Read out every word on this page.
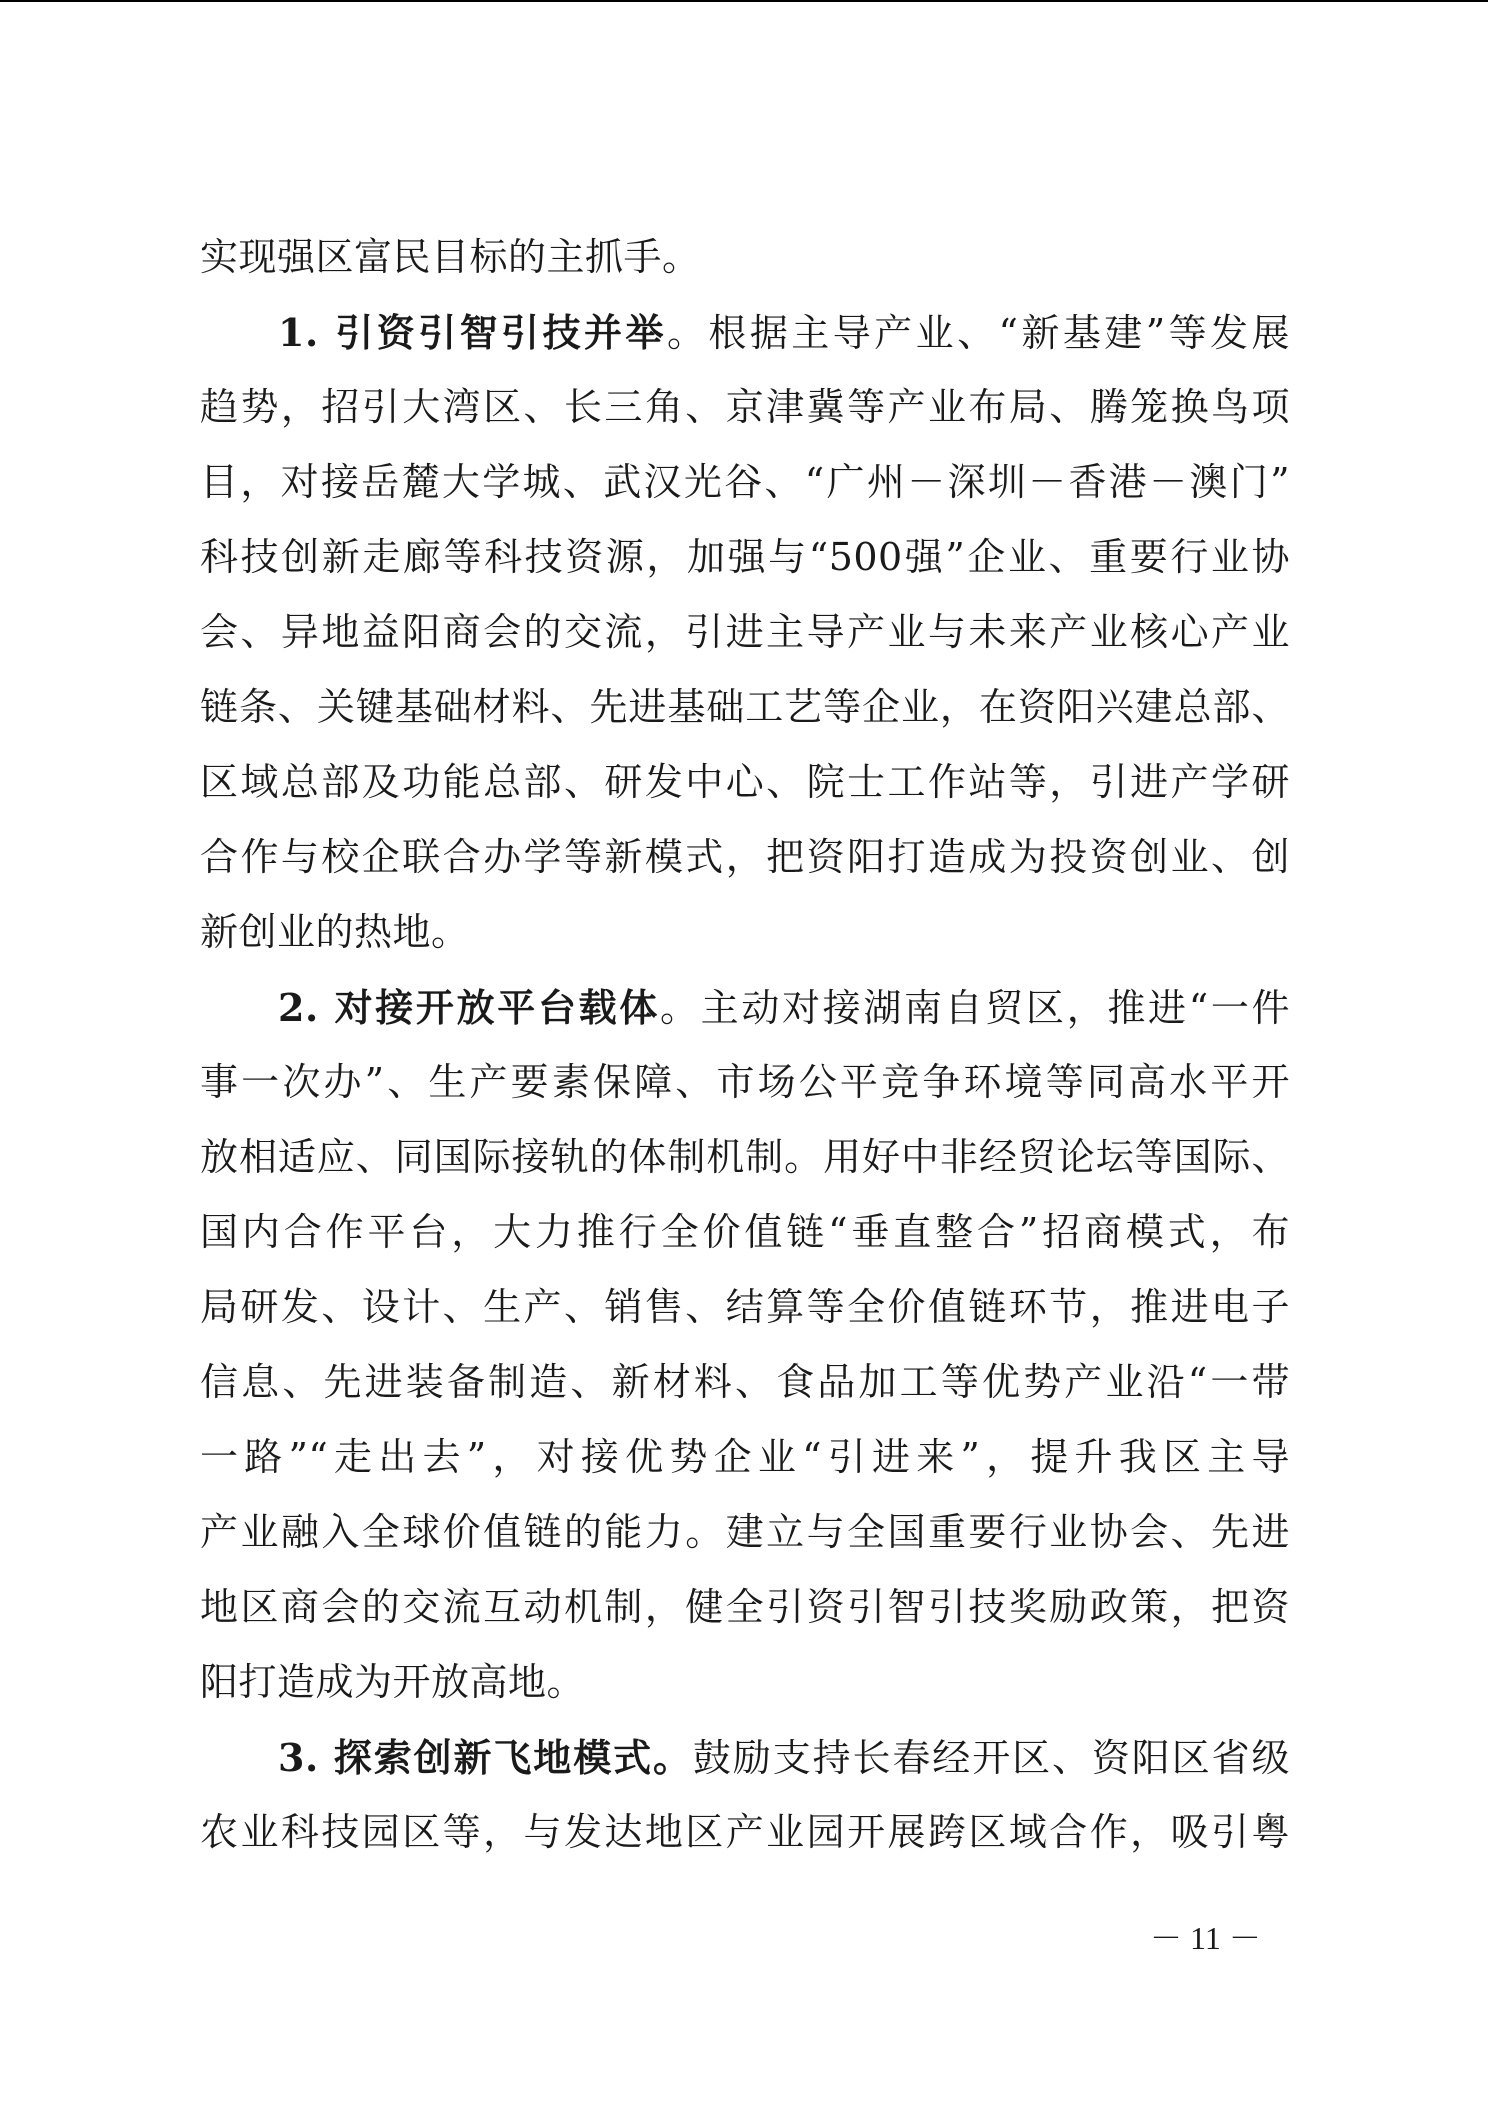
实现强区富民目标的主抓手。
1. 引资引智引技并举。根据主导产业、“新基建”等发展
趋势，招引大湾区、长三角、京津冀等产业布局、腾笼换鸟项
目，对接岳麓大学城、武汉光谷、“广州－深圳－香港－澳门”
科技创新走廊等科技资源，加强与“500强”企业、重要行业协
会、异地益阳商会的交流，引进主导产业与未来产业核心产业
链条、关键基础材料、先进基础工艺等企业，在资阳兴建总部、
区域总部及功能总部、研发中心、院士工作站等，引进产学研
合作与校企联合办学等新模式，把资阳打造成为投资创业、创
新创业的热地。
2. 对接开放平台载体。主动对接湖南自贸区，推进“一件
事一次办”、生产要素保障、市场公平竞争环境等同高水平开
放相适应、同国际接轨的体制机制。用好中非经贸论坛等国际、
国内合作平台，大力推行全价值链“垂直整合”招商模式，布
局研发、设计、生产、销售、结算等全价值链环节，推进电子
信息、先进装备制造、新材料、食品加工等优势产业沿“一带
一路”“走出去”，对接优势企业“引进来”，提升我区主导
产业融入全球价值链的能力。建立与全国重要行业协会、先进
地区商会的交流互动机制，健全引资引智引技奖励政策，把资
阳打造成为开放高地。
3. 探索创新飞地模式。鼓励支持长春经开区、资阳区省级
农业科技园区等，与发达地区产业园开展跨区域合作，吸引粤
－ 11 －
